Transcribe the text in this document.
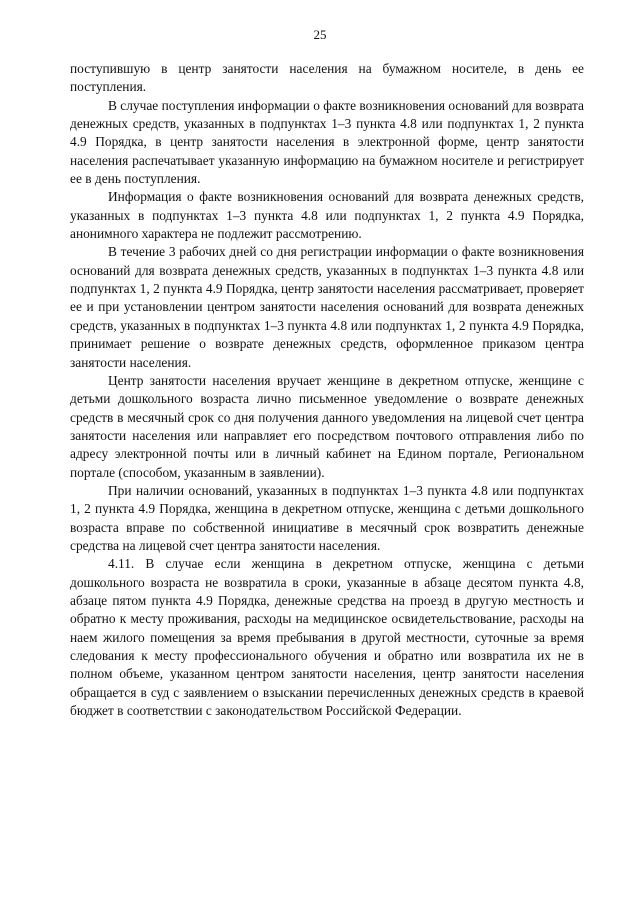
25

поступившую в центр занятости населения на бумажном носителе, в день ее поступления.

В случае поступления информации о факте возникновения оснований для возврата денежных средств, указанных в подпунктах 1–3 пункта 4.8 или подпунктах 1, 2 пункта 4.9 Порядка, в центр занятости населения в электронной форме, центр занятости населения распечатывает указанную информацию на бумажном носителе и регистрирует ее в день поступления.

Информация о факте возникновения оснований для возврата денежных средств, указанных в подпунктах 1–3 пункта 4.8 или подпунктах 1, 2 пункта 4.9 Порядка, анонимного характера не подлежит рассмотрению.

В течение 3 рабочих дней со дня регистрации информации о факте возникновения оснований для возврата денежных средств, указанных в подпунктах 1–3 пункта 4.8 или подпунктах 1, 2 пункта 4.9 Порядка, центр занятости населения рассматривает, проверяет ее и при установлении центром занятости населения оснований для возврата денежных средств, указанных в подпунктах 1–3 пункта 4.8 или подпунктах 1, 2 пункта 4.9 Порядка, принимает решение о возврате денежных средств, оформленное приказом центра занятости населения.

Центр занятости населения вручает женщине в декретном отпуске, женщине с детьми дошкольного возраста лично письменное уведомление о возврате денежных средств в месячный срок со дня получения данного уведомления на лицевой счет центра занятости населения или направляет его посредством почтового отправления либо по адресу электронной почты или в личный кабинет на Едином портале, Региональном портале (способом, указанным в заявлении).

При наличии оснований, указанных в подпунктах 1–3 пункта 4.8 или подпунктах 1, 2 пункта 4.9 Порядка, женщина в декретном отпуске, женщина с детьми дошкольного возраста вправе по собственной инициативе в месячный срок возвратить денежные средства на лицевой счет центра занятости населения.

4.11. В случае если женщина в декретном отпуске, женщина с детьми дошкольного возраста не возвратила в сроки, указанные в абзаце десятом пункта 4.8, абзаце пятом пункта 4.9 Порядка, денежные средства на проезд в другую местность и обратно к месту проживания, расходы на медицинское освидетельствование, расходы на наем жилого помещения за время пребывания в другой местности, суточные за время следования к месту профессионального обучения и обратно или возвратила их не в полном объеме, указанном центром занятости населения, центр занятости населения обращается в суд с заявлением о взыскании перечисленных денежных средств в краевой бюджет в соответствии с законодательством Российской Федерации.
